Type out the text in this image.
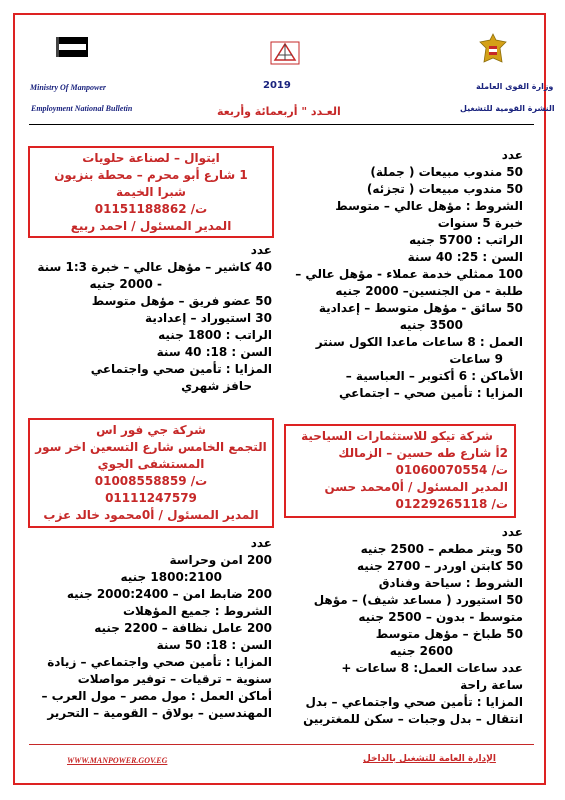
Ministry Of Manpower
Employment National Bulletin
وزارة القوى العاملة
النشرة القومية للتشغيل
2019
العـدد " أربعمائة وأربعة

عدد

50 مندوب مبيعات ( جملة)

50 مندوب مبيعات ( تجزئه)

الشروط : مؤهل عالي – متوسط

خبرة 5 سنوات

الراتب : 5700 جنيه

السن : 25: 40 سنة

100 ممثلي خدمة عملاء - مؤهل عالي –

طلبة - من الجنسين– 2000 جنيه

50 سائق - مؤهل متوسط – إعدادية

3500 جنيه

العمل : 8 ساعات ماعدا الكول سنتر

9 ساعات

الأماكن : 6 أكتوبر – العباسية –

المزايا : تأمين صحي – اجتماعي

شركة تيكو للاستثمارات السياحية

2أ شارع طه حسين – الزمالك

ت/ 01060070554

المدير المسئول / أ0محمد حسن

ت/ 01229265118

عدد

50 ويتر مطعم – 2500 جنيه

50 كابتن اوردر – 2700 جنيه

الشروط : سياحة وفنادق

50 استيورد ( مساعد شيف) – مؤهل

متوسط - بدون – 2500 جنيه

50 طباخ – مؤهل متوسط

2600 جنيه

عدد ساعات العمل: 8 ساعات +

ساعة راحة

المزايا : تأمين صحي واجتماعي – بدل

انتقال – بدل وجبات – سكن للمغتربين

ايتوال – لصناعة حلويات

1 شارع أبو محرم – محطة بنزيون

شبرا الخيمة

ت/ 01151188862

المدير المسئول / احمد ربيع

عدد

40 كاشير – مؤهل عالي – خبرة 1:3 سنة

- 2000 جنيه

50 عضو فريق – مؤهل متوسط

30 استيوراد – إعدادية

الراتب : 1800 جنيه

السن : 18: 40 سنة

المزايا : تأمين صحي واجتماعي

حافز شهري

شركة جي فور اس

التجمع الخامس شارع التسعين اخر سور

المستشفى الجوي

ت/ 01008558859

01111247579

المدير المسئول / أ0محمود خالد عزب

عدد

200 امن وحراسة

1800:2100 جنيه

200 ضابط امن – 2000:2400 جنيه

الشروط : جميع المؤهلات

200 عامل نظافة – 2200 جنيه

السن : 18: 50 سنة

المزايا : تأمين صحي واجتماعي – زيادة

سنوية – ترقيات – توفير مواصلات

أماكن العمل : مول مصر – مول العرب –

المهندسين – بولاق – القومية – التحرير

WWW.MANPOWER.GOV.EG	الإدارة العامة للتشغيل بالداخل
